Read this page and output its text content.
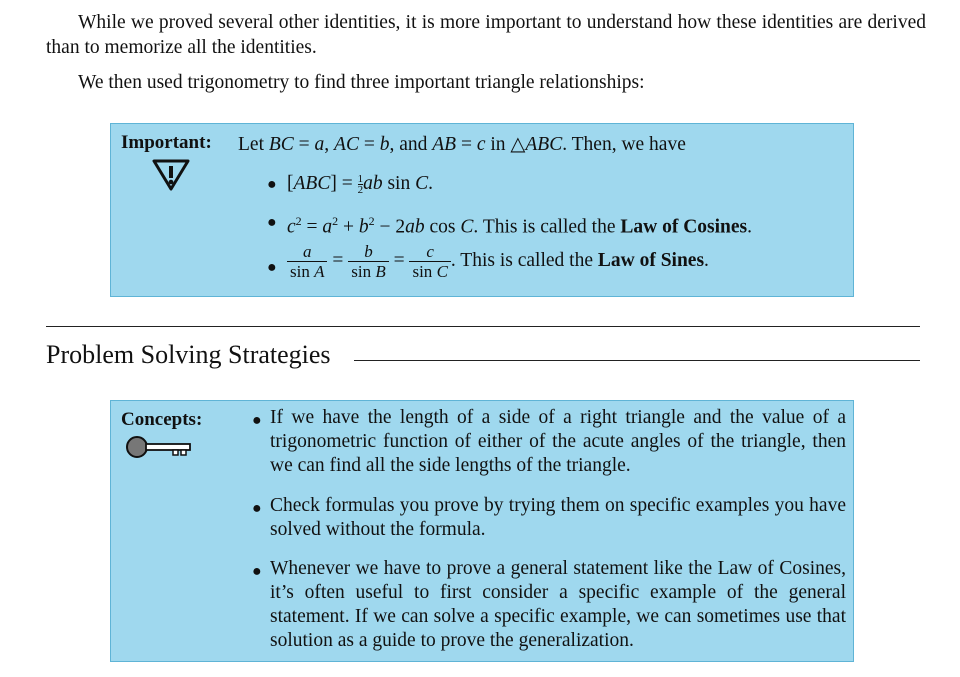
While we proved several other identities, it is more important to understand how these identities are derived than to memorize all the identities.

We then used trigonometry to find three important triangle relationships:

Important: Let BC = a, AC = b, and AB = c in △ABC. Then, we have
● $[ABC] = \frac{1}{2}$ ab sin C.
● $c^2 = a^2 + b^2 - 2ab$ cos C. This is called the Law of Cosines.
● $\frac{a}{\text{sin A}} = \frac{b}{\text{sin B}} = \frac{c}{\text{sin C}}$ . This is called the Law of Sines.
Problem Solving Strategies
Concepts:	● If we have the length of a side of a right triangle and the value of a trigonometric function of either of the acute angles of the triangle, then we can find all the side lengths of the triangle.
● Check formulas you prove by trying them on specific examples you have solved without the formula.
● Whenever we have to prove a general statement like the Law of Cosines, it’s often useful to first consider a specific example of the general statement. If we can solve a specific example, we can sometimes use that solution as a guide to prove the generalization.
